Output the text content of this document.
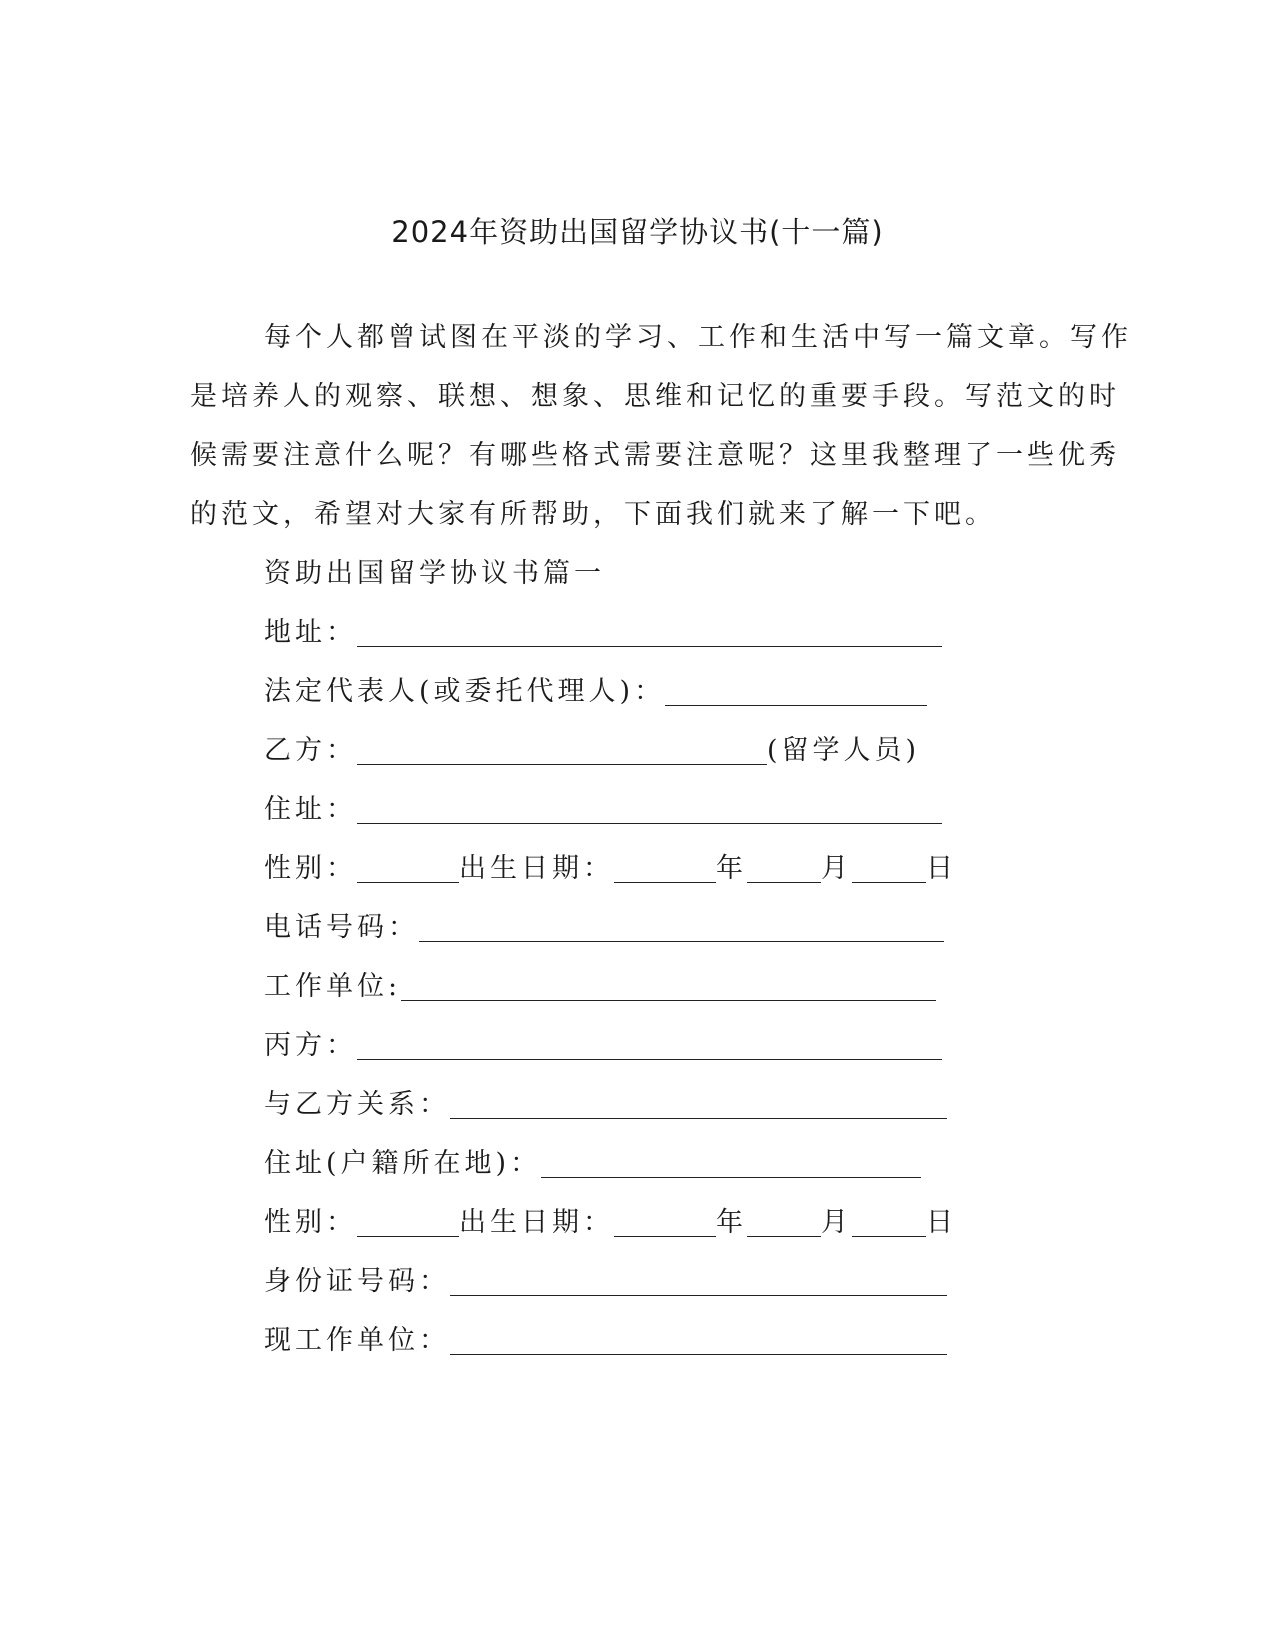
2024年资助出国留学协议书(十一篇)
每个人都曾试图在平淡的学习、工作和生活中写一篇文章。写作
是培养人的观察、联想、想象、思维和记忆的重要手段。写范文的时
候需要注意什么呢？有哪些格式需要注意呢？这里我整理了一些优秀
的范文，希望对大家有所帮助，下面我们就来了解一下吧。
资助出国留学协议书篇一
地址：
法定代表人(或委托代理人)：
乙方：	(留学人员)
住址：
性别：	出生日期：	年	月	日
电话号码：
工作单位:
丙方：
与乙方关系：
住址(户籍所在地)：
性别：	出生日期：	年	月	日
身份证号码：
现工作单位：
